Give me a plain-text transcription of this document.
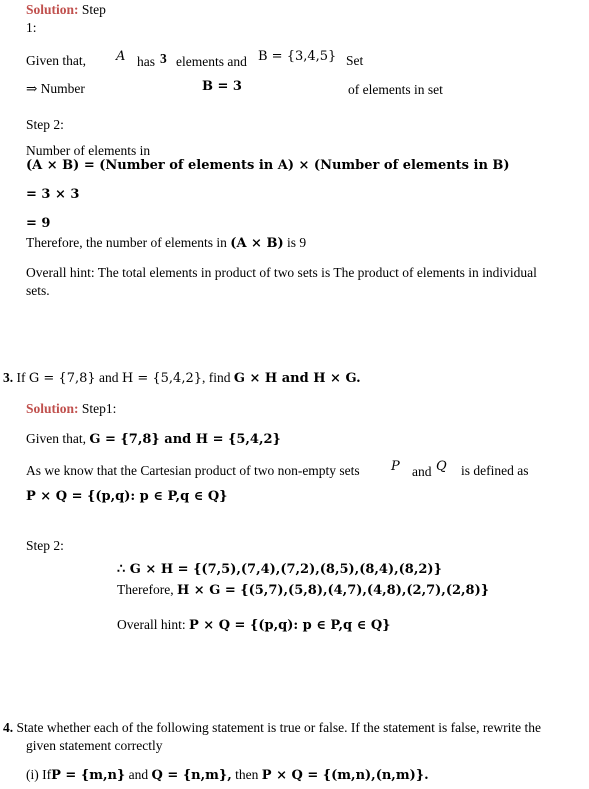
Solution: Step
1:
Given that, A has 3 elements and B = {3,4,5} Set
⇒ Number	B = 3	of elements in set
Step 2:
Number of elements in
(A × B) = (Number of elements in A) × (Number of elements in B)
= 3 × 3
= 9
Therefore, the number of elements in (A × B) is 9
Overall hint: The total elements in product of two sets is The product of elements in individual
sets.
3. If G = {7,8} and H = {5,4,2}, find G × H and H × G.
Solution: Step1:
Given that, G = {7,8} and H = {5,4,2}
As we know that the Cartesian product of two non-empty sets P and Q is defined as
P × Q = {(p,q): p ∈ P,q ∈ Q}
Step 2:
∴ G × H = {(7,5),(7,4),(7,2),(8,5),(8,4),(8,2)}
Therefore, H × G = {(5,7),(5,8),(4,7),(4,8),(2,7),(2,8)}
Overall hint: P × Q = {(p,q): p ∈ P,q ∈ Q}
4. State whether each of the following statement is true or false. If the statement is false, rewrite the
given statement correctly
(i) IfP = {m,n} and Q = {n,m}, then P × Q = {(m,n),(n,m)}.
